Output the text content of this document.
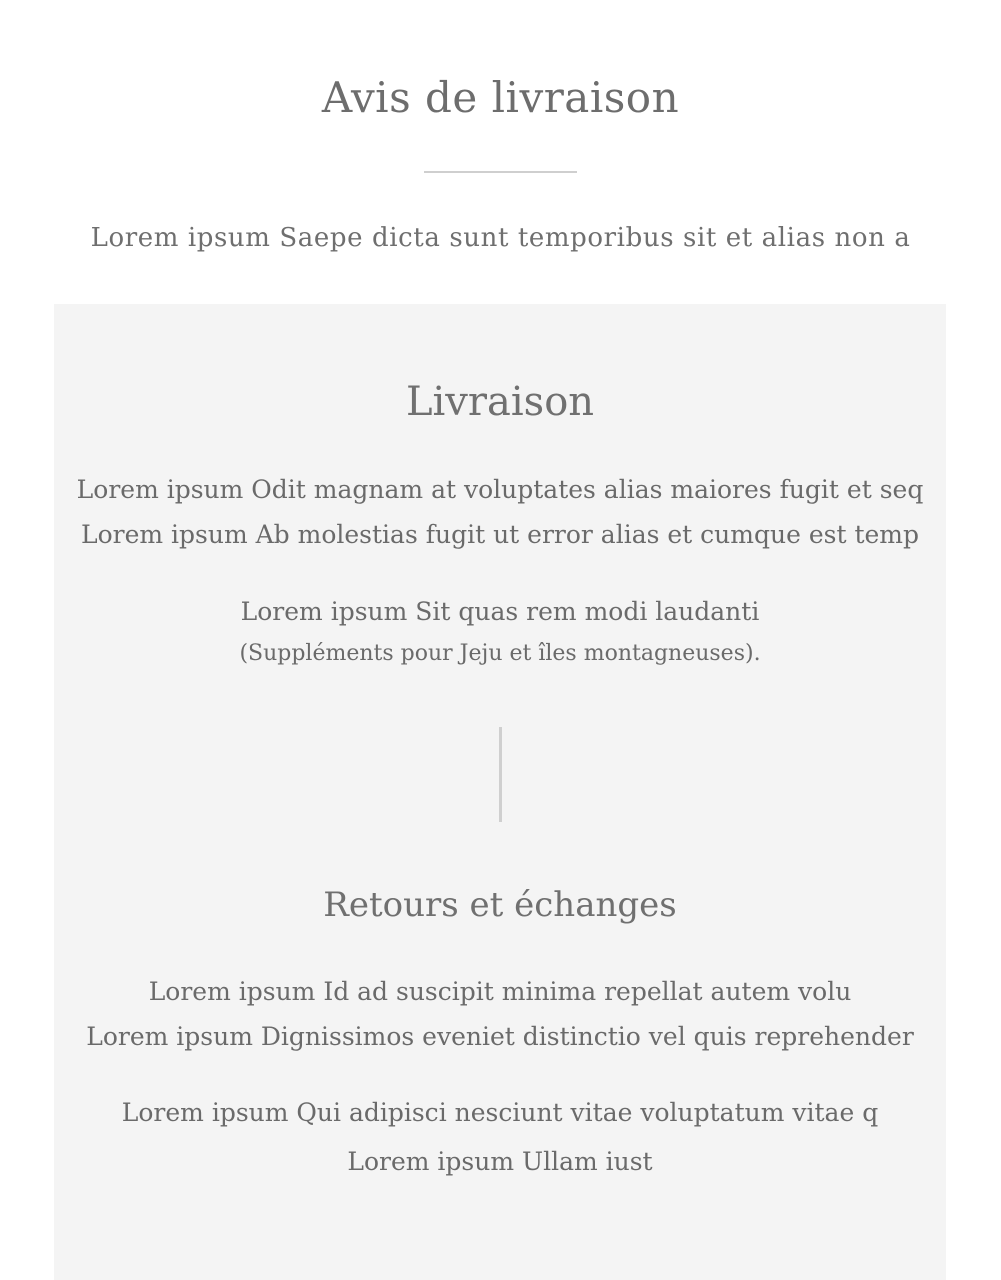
Avis de livraison
Lorem ipsum Saepe dicta sunt temporibus sit et alias non a
Livraison
Lorem ipsum Odit magnam at voluptates alias maiores fugit et seq
Lorem ipsum Ab molestias fugit ut error alias et cumque est temp
Lorem ipsum Sit quas rem modi laudanti
(Suppléments pour Jeju et îles montagneuses).
Retours et échanges
Lorem ipsum Id ad suscipit minima repellat autem volu
Lorem ipsum Dignissimos eveniet distinctio vel quis reprehender
Lorem ipsum Qui adipisci nesciunt vitae voluptatum vitae q
Lorem ipsum Ullam iust
